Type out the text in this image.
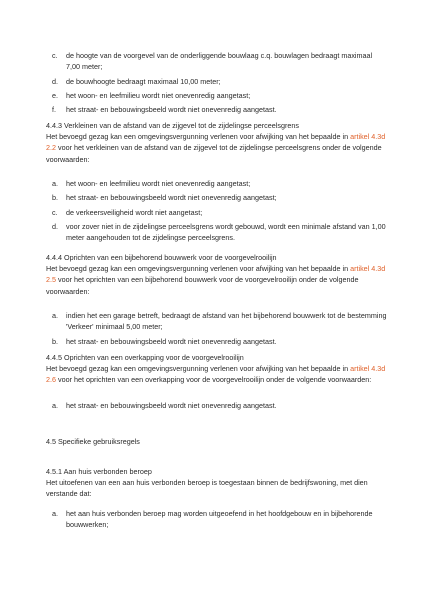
c. de hoogte van de voorgevel van de onderliggende bouwlaag c.q. bouwlagen bedraagt maximaal 7,00 meter;
d. de bouwhoogte bedraagt maximaal 10,00 meter;
e. het woon- en leefmilieu wordt niet onevenredig aangetast;
f. het straat- en bebouwingsbeeld wordt niet onevenredig aangetast.

4.4.3 Verkleinen van de afstand van de zijgevel tot de zijdelingse perceelsgrens

Het bevoegd gezag kan een omgevingsvergunning verlenen voor afwijking van het bepaalde in artikel 4.3d 2.2 voor het verkleinen van de afstand van de zijgevel tot de zijdelingse perceelsgrens onder de volgende voorwaarden:

a. het woon- en leefmilieu wordt niet onevenredig aangetast;
b. het straat- en bebouwingsbeeld wordt niet onevenredig aangetast;
c. de verkeersveiligheid wordt niet aangetast;
d. voor zover niet in de zijdelingse perceelsgrens wordt gebouwd, wordt een minimale afstand van 1,00 meter aangehouden tot de zijdelingse perceelsgrens.

4.4.4 Oprichten van een bijbehorend bouwwerk voor de voorgevelrooilijn

Het bevoegd gezag kan een omgevingsvergunning verlenen voor afwijking van het bepaalde in artikel 4.3d 2.5 voor het oprichten van een bijbehorend bouwwerk voor de voorgevelrooilijn onder de volgende voorwaarden:

a. indien het een garage betreft, bedraagt de afstand van het bijbehorend bouwwerk tot de bestemming 'Verkeer' minimaal 5,00 meter;
b. het straat- en bebouwingsbeeld wordt niet onevenredig aangetast.

4.4.5 Oprichten van een overkapping voor de voorgevelrooilijn

Het bevoegd gezag kan een omgevingsvergunning verlenen voor afwijking van het bepaalde in artikel 4.3d 2.6 voor het oprichten van een overkapping voor de voorgevelrooilijn onder de volgende voorwaarden:

a. het straat- en bebouwingsbeeld wordt niet onevenredig aangetast.

4.5 Specifieke gebruiksregels

4.5.1 Aan huis verbonden beroep

Het uitoefenen van een aan huis verbonden beroep is toegestaan binnen de bedrijfswoning, met dien verstande dat:

a. het aan huis verbonden beroep mag worden uitgeoefend in het hoofdgebouw en in bijbehorende bouwwerken;
